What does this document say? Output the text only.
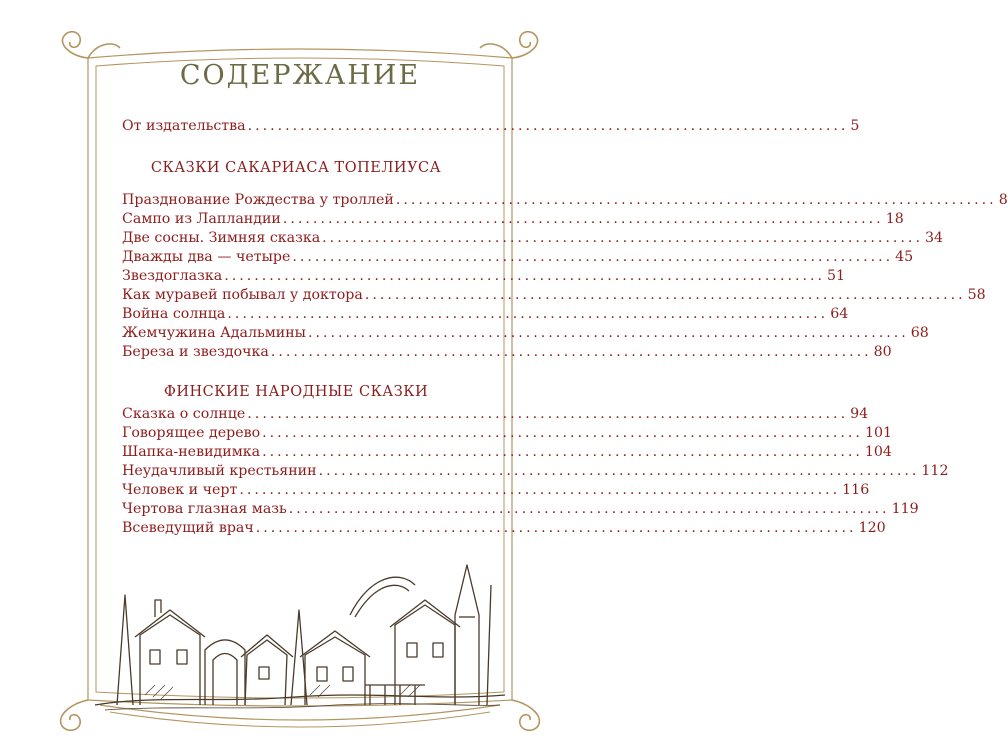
СОДЕРЖАНИЕ
От издательства ................................................................................ 5
СКАЗКИ САКАРИАСА ТОПЕЛИУСА
Празднование Рождества у троллей ................................................................................ 8
Сампо из Лапландии ................................................................................ 18
Две сосны. Зимняя сказка ................................................................................ 34
Дважды два — четыре ................................................................................ 45
Звездоглазка ................................................................................ 51
Как муравей побывал у доктора ................................................................................ 58
Война солнца ................................................................................ 64
Жемчужина Адальмины ................................................................................ 68
Береза и звездочка ................................................................................ 80
ФИНСКИЕ НАРОДНЫЕ СКАЗКИ
Сказка о солнце ................................................................................ 94
Говорящее дерево ................................................................................ 101
Шапка-невидимка ................................................................................ 104
Неудачливый крестьянин ................................................................................ 112
Человек и черт ................................................................................ 116
Чертова глазная мазь ................................................................................ 119
Всеведущий врач ................................................................................ 120
